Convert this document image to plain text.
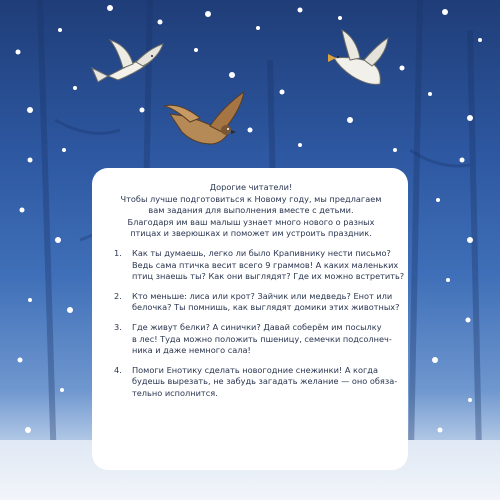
Дорогие читатели!
Чтобы лучше подготовиться к Новому году, мы предлагаем
вам задания для выполнения вместе с детьми.
Благодаря им ваш малыш узнает много нового о разных
птицах и зверюшках и поможет им устроить праздник.
1.	Как ты думаешь, легко ли было Крапивнику нести письмо?
Ведь сама птичка весит всего 9 граммов! А каких маленьких
птиц знаешь ты? Как они выглядят? Где их можно встретить?
2.	Кто меньше: лиса или крот? Зайчик или медведь? Енот или
белочка? Ты помнишь, как выглядят домики этих животных?
3.	Где живут белки? А синички? Давай соберём им посылку
в лес! Туда можно положить пшеницу, семечки подсолнеч-
ника и даже немного сала!
4.	Помоги Енотику сделать новогодние снежинки! А когда
будешь вырезать, не забудь загадать желание — оно обяза-
тельно исполнится.
